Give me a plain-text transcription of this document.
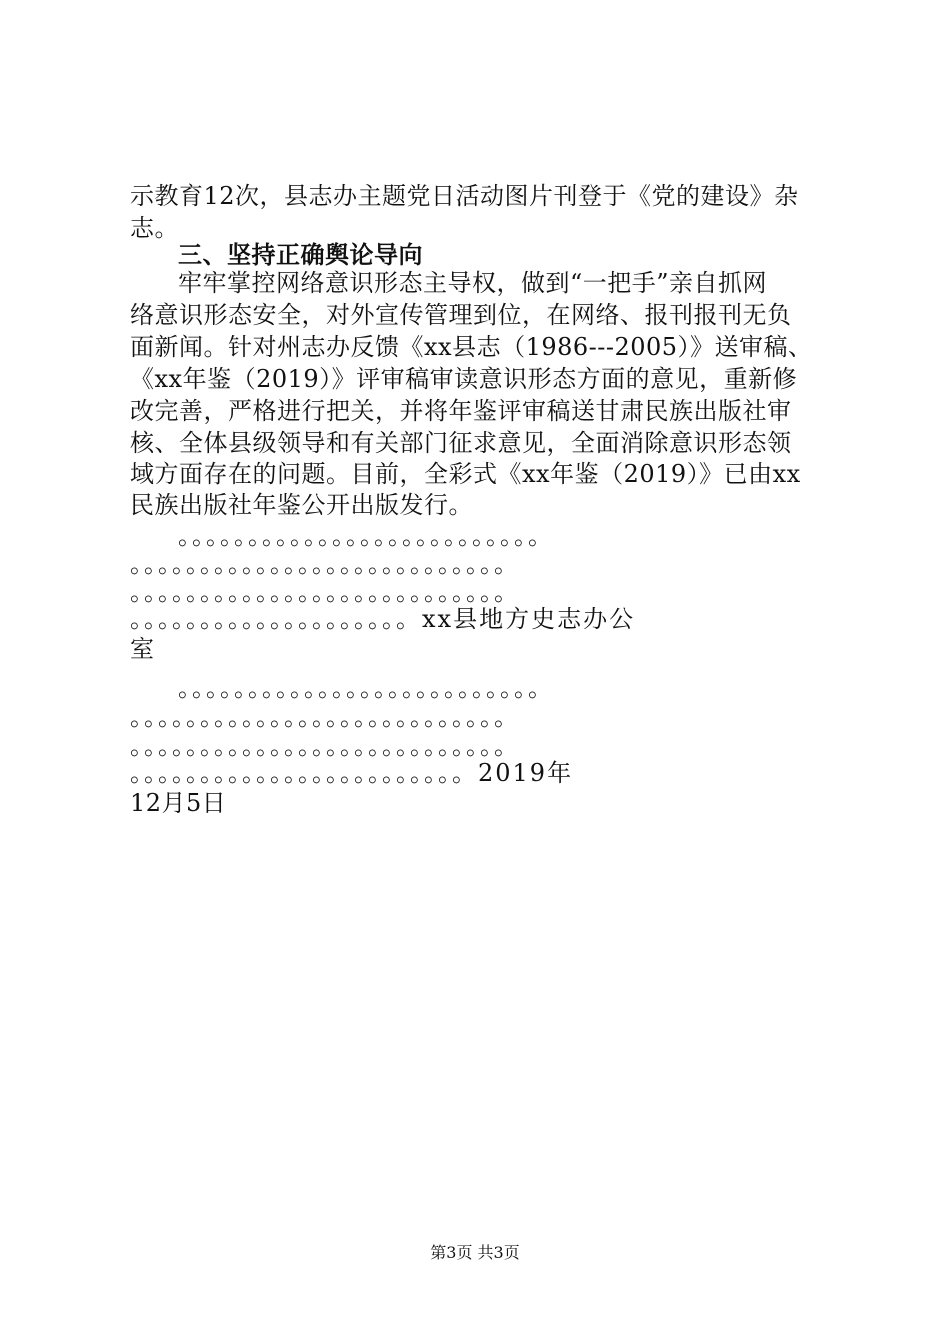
示教育12次，县志办主题党日活动图片刊登于《党的建设》杂
志。
三、坚持正确舆论导向
牢牢掌控网络意识形态主导权，做到“一把手”亲自抓网
络意识形态安全，对外宣传管理到位，在网络、报刊报刊无负
面新闻。针对州志办反馈《xx县志（1986---2005）》送审稿、
《xx年鉴（2019）》评审稿审读意识形态方面的意见，重新修
改完善，严格进行把关，并将年鉴评审稿送甘肃民族出版社审
核、全体县级领导和有关部门征求意见，全面消除意识形态领
域方面存在的问题。目前，全彩式《xx年鉴（2019）》已由xx
民族出版社年鉴公开出版发行。
。。。。。。。。。。。。。。。。。。。。。。。。。。
。。。。。。。。。。。。。。。。。。。。。。。。。。。
。。。。。。。。。。。。。。。。。。。。。。。。。。。
。。。。。。。。。。。。。。。。。。。。xx县地方史志办公
室
。。。。。。。。。。。。。。。。。。。。。。。。。。
。。。。。。。。。。。。。。。。。。。。。。。。。。。
。。。。。。。。。。。。。。。。。。。。。。。。。。。
。。。。。。。。。。。。。。。。。。。。。。。。2019年
12月5日
第3页 共3页
